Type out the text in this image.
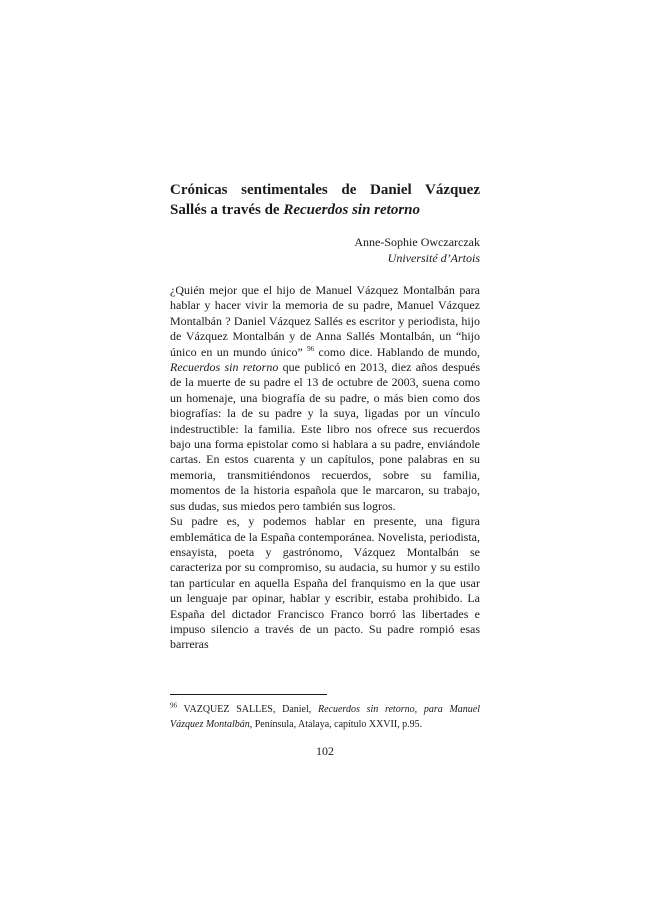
Crónicas sentimentales de Daniel Vázquez
Sallés a través de Recuerdos sin retorno
Anne-Sophie Owczarczak
Université d’Artois

¿Quién mejor que el hijo de Manuel Vázquez Montalbán para hablar y hacer vivir la memoria de su padre, Manuel Vázquez Montalbán ? Daniel Vázquez Sallés es escritor y periodista, hijo de Vázquez Montalbán y de Anna Sallés Montalbán, un “hijo único en un mundo único” $^{96}$ como dice. Hablando de mundo, Recuerdos sin retorno que publicó en 2013, diez años después de la muerte de su padre el 13 de octubre de 2003, suena como un homenaje, una biografía de su padre, o más bien como dos biografías: la de su padre y la suya, ligadas por un vínculo indestructible: la familia. Este libro nos ofrece sus recuerdos bajo una forma epistolar como si hablara a su padre, enviándole cartas. En estos cuarenta y un capítulos, pone palabras en su memoria, transmitiéndonos recuerdos, sobre su familia, momentos de la historia española que le marcaron, su trabajo, sus dudas, sus miedos pero también sus logros.

Su padre es, y podemos hablar en presente, una figura emblemática de la España contemporánea. Novelista, periodista, ensayista, poeta y gastrónomo, Vázquez Montalbán se caracteriza por su compromiso, su audacia, su humor y su estilo tan particular en aquella España del franquismo en la que usar un lenguaje par opinar, hablar y escribir, estaba prohibido. La España del dictador Francisco Franco borró las libertades e impuso silencio a través de un pacto. Su padre rompió esas barreras

$^{96}$ VAZQUEZ SALLES, Daniel, Recuerdos sin retorno, para Manuel Vázquez Montalbán, Península, Atalaya, capítulo XXVII, p.95.
102
